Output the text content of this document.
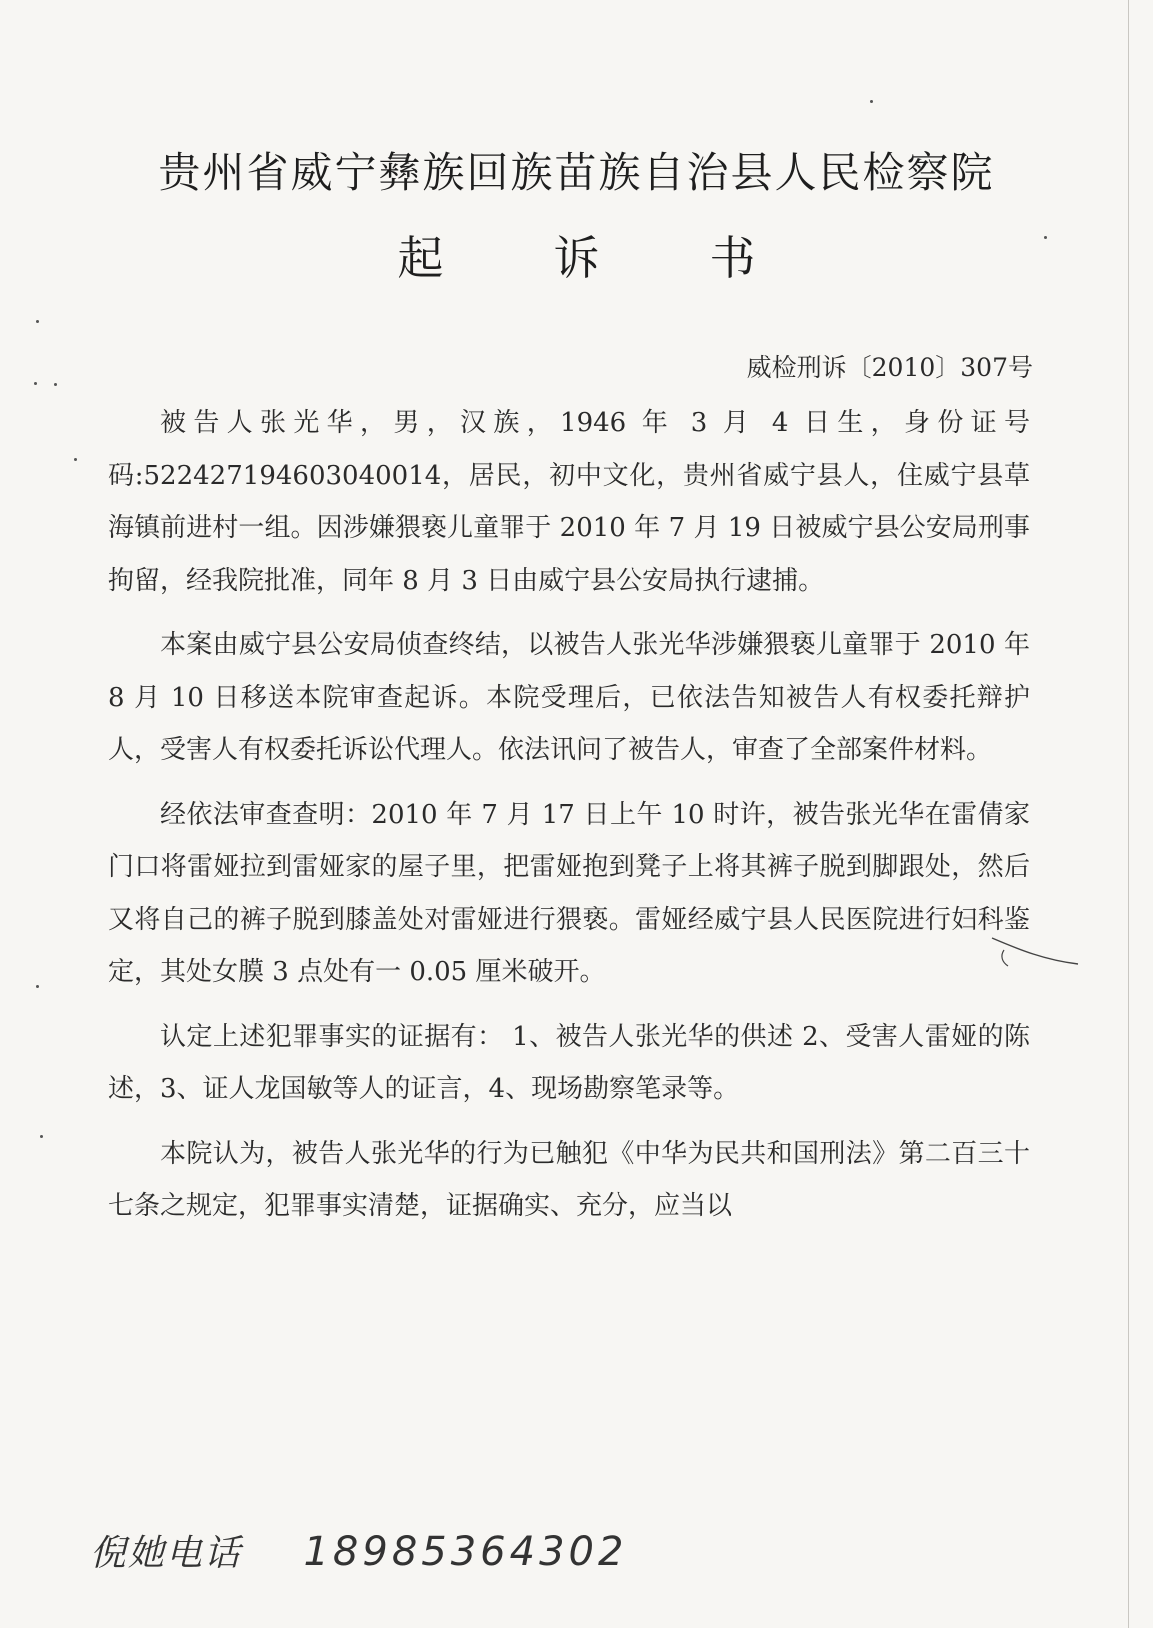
贵州省威宁彝族回族苗族自治县人民检察院
起诉书
威检刑诉〔2010〕307号

被告人张光华，男，汉族，1946 年 3 月 4 日生，身份证号码:522427194603040014，居民，初中文化，贵州省威宁县人，住威宁县草海镇前进村一组。因涉嫌猥亵儿童罪于 2010 年 7 月 19 日被威宁县公安局刑事拘留，经我院批准，同年 8 月 3 日由威宁县公安局执行逮捕。

本案由威宁县公安局侦查终结，以被告人张光华涉嫌猥亵儿童罪于 2010 年 8 月 10 日移送本院审查起诉。本院受理后，已依法告知被告人有权委托辩护人，受害人有权委托诉讼代理人。依法讯问了被告人，审查了全部案件材料。

经依法审查查明：2010 年 7 月 17 日上午 10 时许，被告张光华在雷倩家门口将雷娅拉到雷娅家的屋子里，把雷娅抱到凳子上将其裤子脱到脚跟处，然后又将自己的裤子脱到膝盖处对雷娅进行猥亵。雷娅经威宁县人民医院进行妇科鉴定，其处女膜 3 点处有一 0.05 厘米破开。

认定上述犯罪事实的证据有： 1、被告人张光华的供述 2、受害人雷娅的陈述，3、证人龙国敏等人的证言，4、现场勘察笔录等。

本院认为，被告人张光华的行为已触犯《中华为民共和国刑法》第二百三十七条之规定，犯罪事实清楚，证据确实、充分，应当以

倪她电话 18985364302
